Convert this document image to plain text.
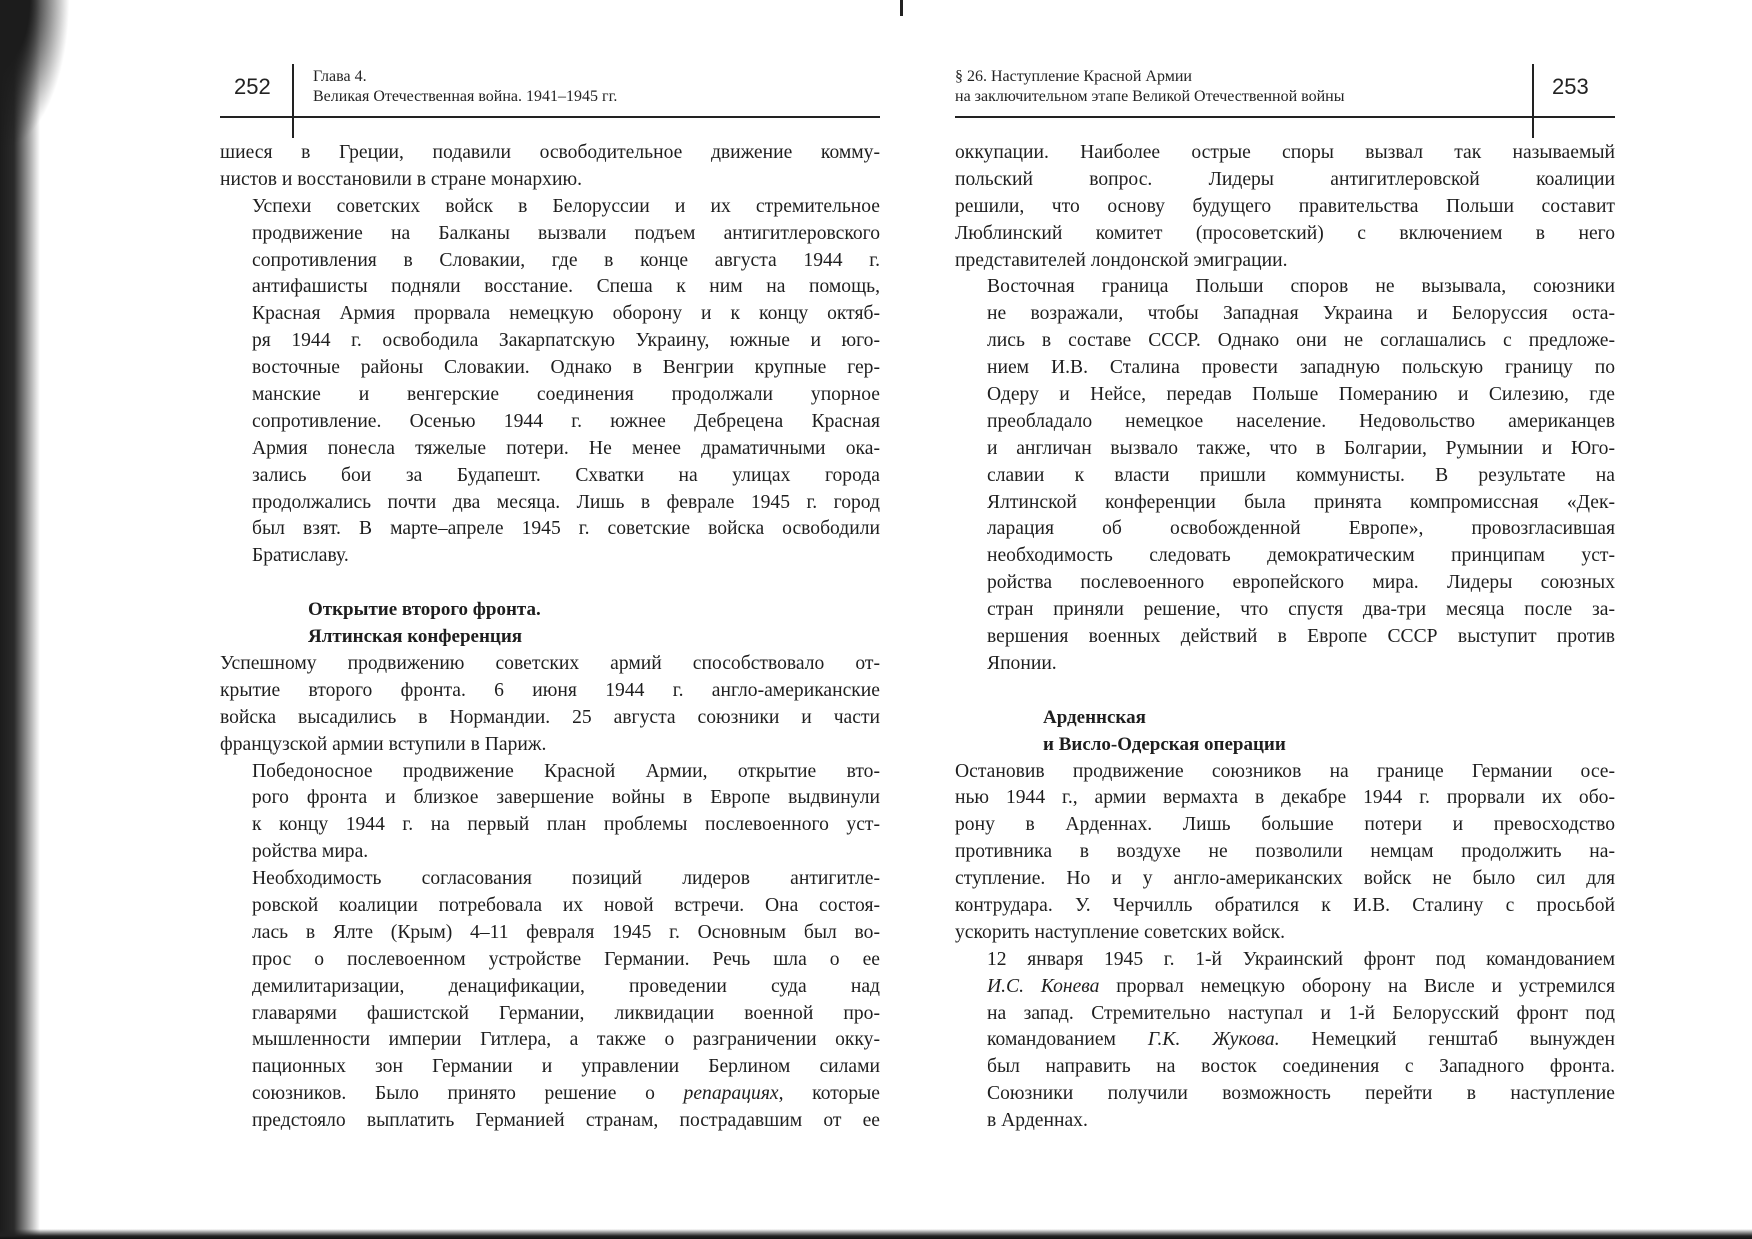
252	Глава 4.
Великая Отечественная война. 1941–1945 гг.

шиеся в Греции, подавили освободительное движение комму-
нистов и восстановили в стране монархию.

Успехи советских войск в Белоруссии и их стремительное
продвижение на Балканы вызвали подъем антигитлеровского
сопротивления в Словакии, где в конце августа 1944 г.
антифашисты подняли восстание. Спеша к ним на помощь,
Красная Армия прорвала немецкую оборону и к концу октяб-
ря 1944 г. освободила Закарпатскую Украину, южные и юго-
восточные районы Словакии. Однако в Венгрии крупные гер-
манские и венгерские соединения продолжали упорное
сопротивление. Осенью 1944 г. южнее Дебрецена Красная
Армия понесла тяжелые потери. Не менее драматичными ока-
зались бои за Будапешт. Схватки на улицах города
продолжались почти два месяца. Лишь в феврале 1945 г. город
был взят. В марте–апреле 1945 г. советские войска освободили
Братиславу.

Открытие второго фронта.
Ялтинская конференция

Успешному продвижению советских армий способствовало от-
крытие второго фронта. 6 июня 1944 г. англо-американские
войска высадились в Нормандии. 25 августа союзники и части
французской армии вступили в Париж.

Победоносное продвижение Красной Армии, открытие вто-
рого фронта и близкое завершение войны в Европе выдвинули
к концу 1944 г. на первый план проблемы послевоенного уст-
ройства мира.

Необходимость согласования позиций лидеров антигитле-
ровской коалиции потребовала их новой встречи. Она состоя-
лась в Ялте (Крым) 4–11 февраля 1945 г. Основным был во-
прос о послевоенном устройстве Германии. Речь шла о ее
демилитаризации, денацификации, проведении суда над
главарями фашистской Германии, ликвидации военной про-
мышленности империи Гитлера, а также о разграничении окку-
пационных зон Германии и управлении Берлином силами
союзников. Было принято решение о репарациях, которые
предстояло выплатить Германией странам, пострадавшим от ее

§ 26. Наступление Красной Армии
на заключительном этапе Великой Отечественной войны	253

оккупации. Наиболее острые споры вызвал так называемый
польский вопрос. Лидеры антигитлеровской коалиции
решили, что основу будущего правительства Польши составит
Люблинский комитет (просоветский) с включением в него
представителей лондонской эмиграции.

Восточная граница Польши споров не вызывала, союзники
не возражали, чтобы Западная Украина и Белоруссия оста-
лись в составе СССР. Однако они не соглашались с предложе-
нием И.В. Сталина провести западную польскую границу по
Одеру и Нейсе, передав Польше Померанию и Силезию, где
преобладало немецкое население. Недовольство американцев
и англичан вызвало также, что в Болгарии, Румынии и Юго-
славии к власти пришли коммунисты. В результате на
Ялтинской конференции была принята компромиссная «Дек-
ларация об освобожденной Европе», провозгласившая
необходимость следовать демократическим принципам уст-
ройства послевоенного европейского мира. Лидеры союзных
стран приняли решение, что спустя два-три месяца после за-
вершения военных действий в Европе СССР выступит против
Японии.

Арденнская
и Висло-Одерская операции

Остановив продвижение союзников на границе Германии осе-
нью 1944 г., армии вермахта в декабре 1944 г. прорвали их обо-
рону в Арденнах. Лишь большие потери и превосходство
противника в воздухе не позволили немцам продолжить на-
ступление. Но и у англо-американских войск не было сил для
контрудара. У. Черчилль обратился к И.В. Сталину с просьбой
ускорить наступление советских войск.

12 января 1945 г. 1-й Украинский фронт под командованием
И.С. Конева прорвал немецкую оборону на Висле и устремился
на запад. Стремительно наступал и 1-й Белорусский фронт под
командованием Г.К. Жукова. Немецкий генштаб вынужден
был направить на восток соединения с Западного фронта.
Союзники получили возможность перейти в наступление
в Арденнах.
